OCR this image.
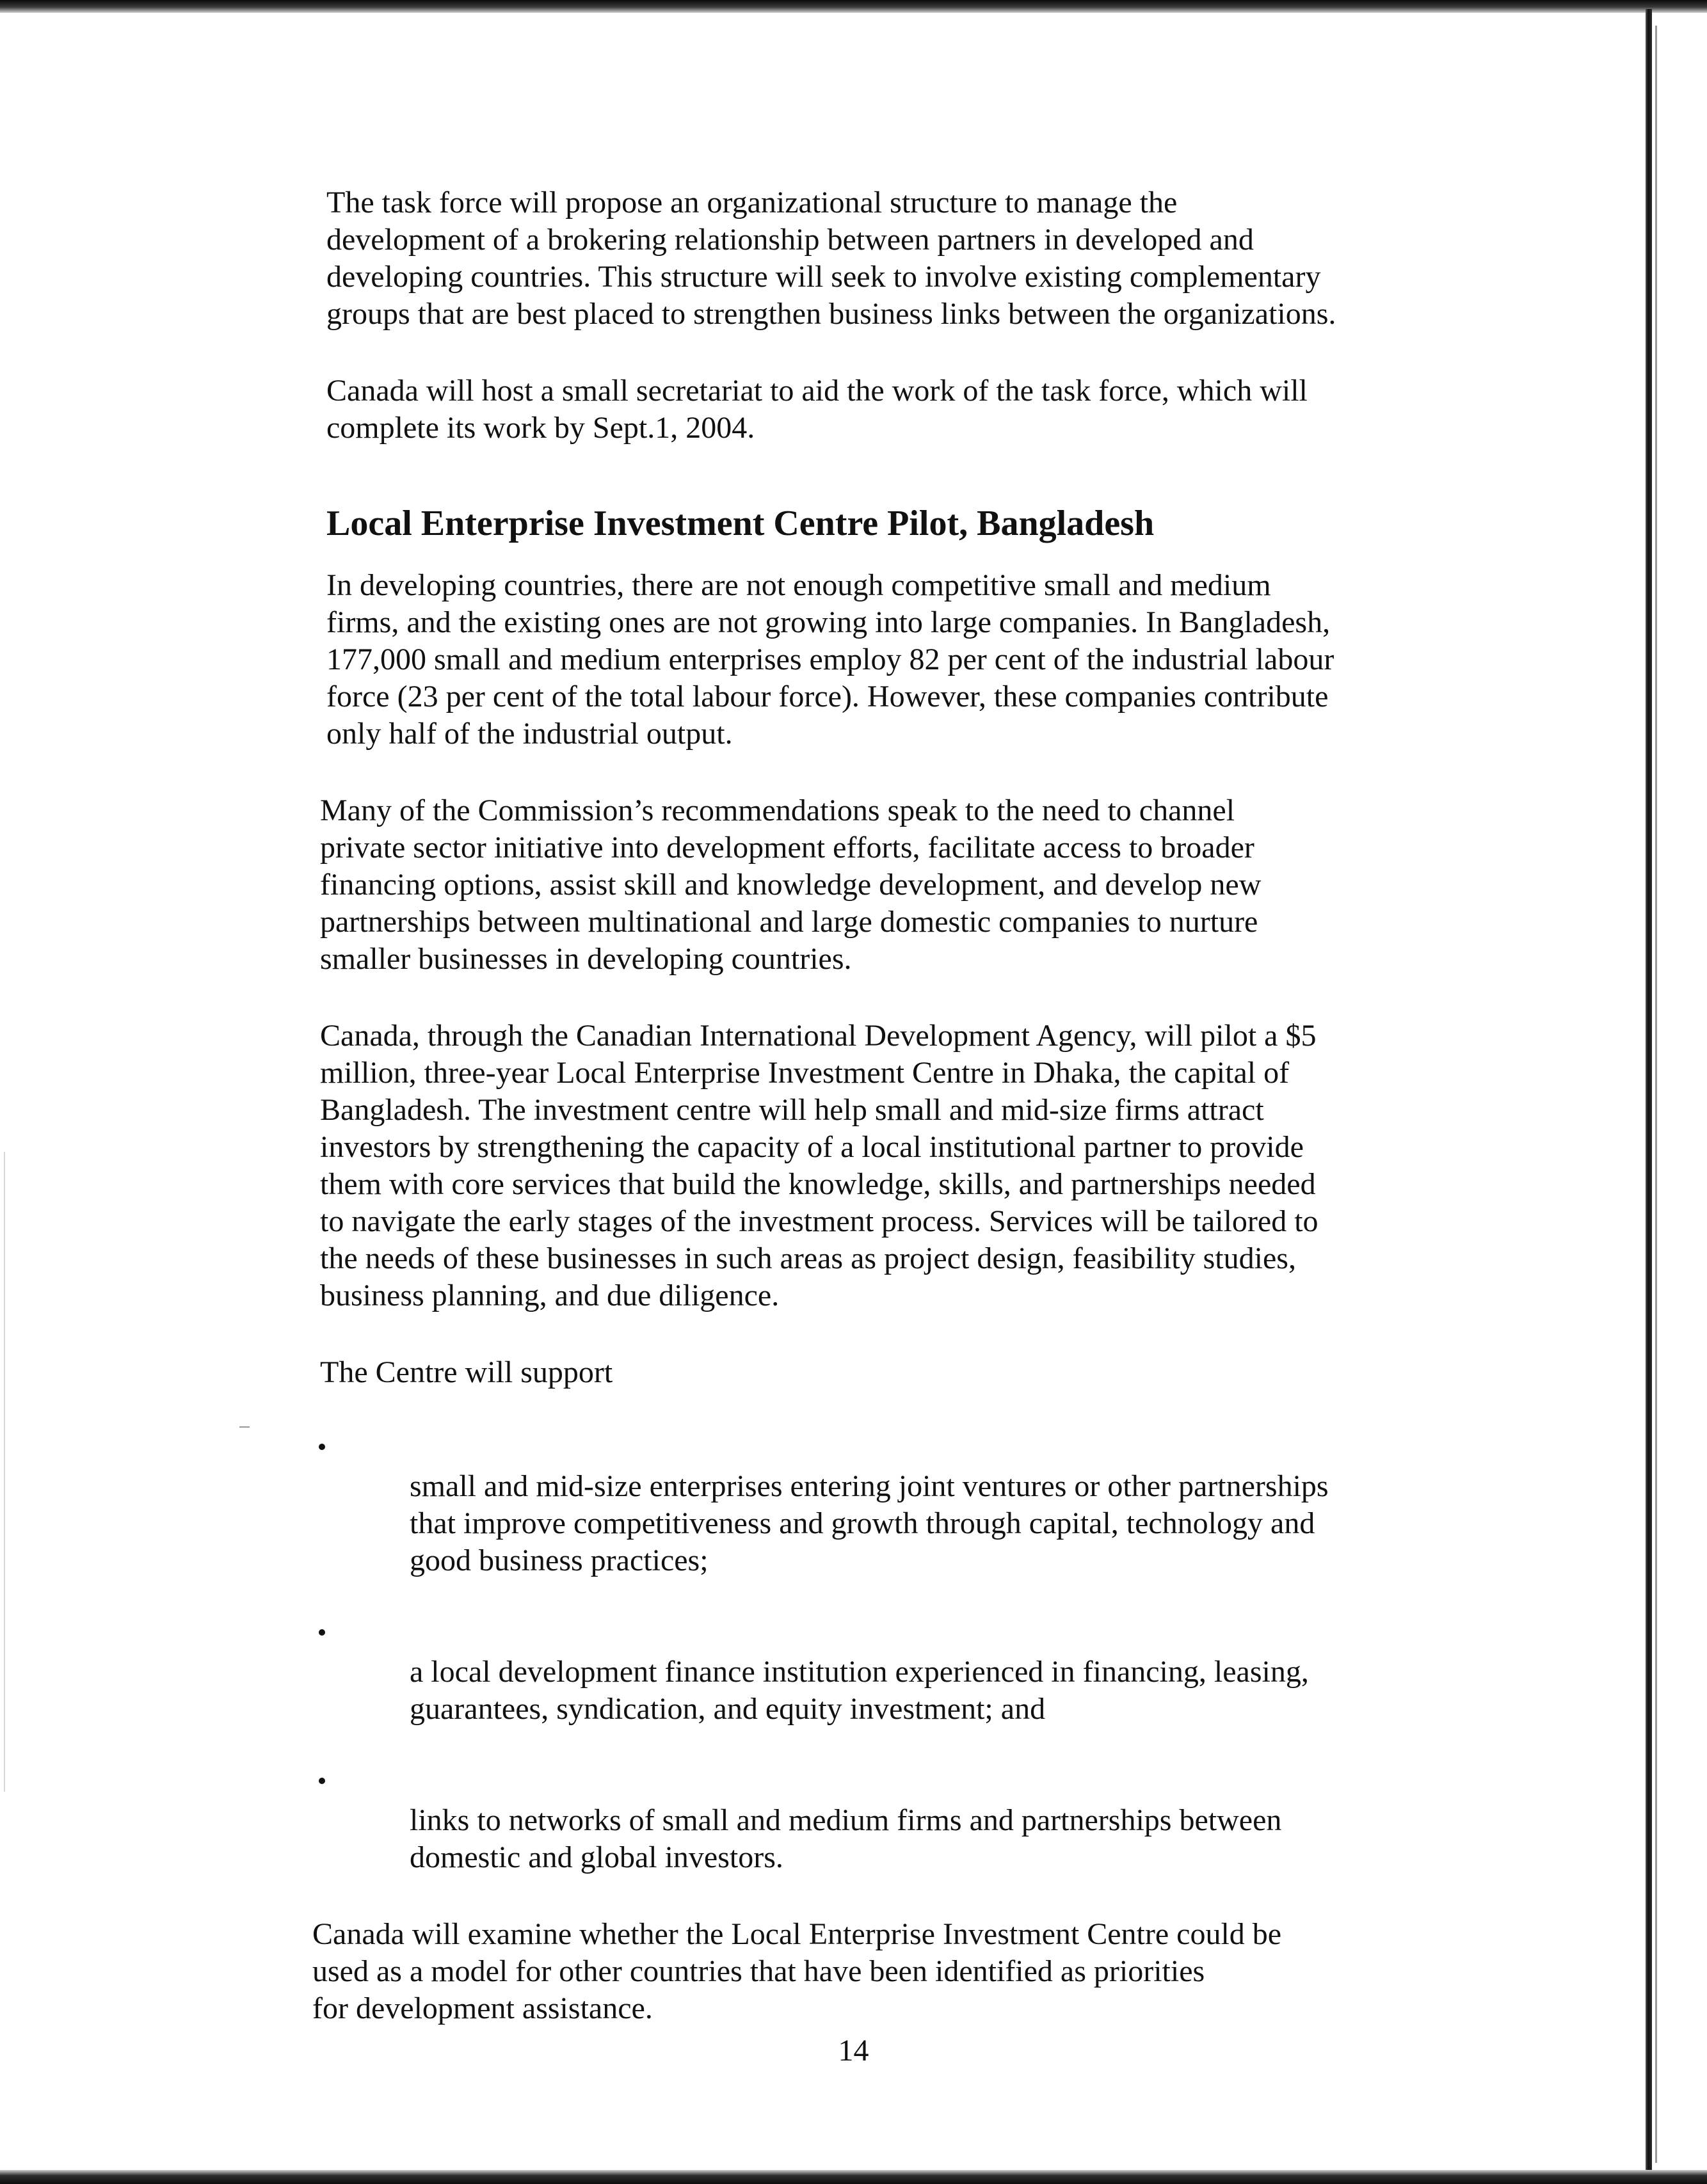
The task force will propose an organizational structure to manage the
development of a brokering relationship between partners in developed and
developing countries. This structure will seek to involve existing complementary
groups that are best placed to strengthen business links between the organizations.

Canada will host a small secretariat to aid the work of the task force, which will
complete its work by Sept.1, 2004.

Local Enterprise Investment Centre Pilot, Bangladesh

In developing countries, there are not enough competitive small and medium
firms, and the existing ones are not growing into large companies. In Bangladesh,
177,000 small and medium enterprises employ 82 per cent of the industrial labour
force (23 per cent of the total labour force). However, these companies contribute
only half of the industrial output.

Many of the Commission’s recommendations speak to the need to channel
private sector initiative into development efforts, facilitate access to broader
financing options, assist skill and knowledge development, and develop new
partnerships between multinational and large domestic companies to nurture
smaller businesses in developing countries.

Canada, through the Canadian International Development Agency, will pilot a $5
million, three-year Local Enterprise Investment Centre in Dhaka, the capital of
Bangladesh. The investment centre will help small and mid-size firms attract
investors by strengthening the capacity of a local institutional partner to provide
them with core services that build the knowledge, skills, and partnerships needed
to navigate the early stages of the investment process. Services will be tailored to
the needs of these businesses in such areas as project design, feasibility studies,
business planning, and due diligence.

The Centre will support

small and mid-size enterprises entering joint ventures or other partnerships
that improve competitiveness and growth through capital, technology and
good business practices;

a local development finance institution experienced in financing, leasing,
guarantees, syndication, and equity investment; and

links to networks of small and medium firms and partnerships between
domestic and global investors.

Canada will examine whether the Local Enterprise Investment Centre could be
used as a model for other countries that have been identified as priorities
for development assistance.

14
